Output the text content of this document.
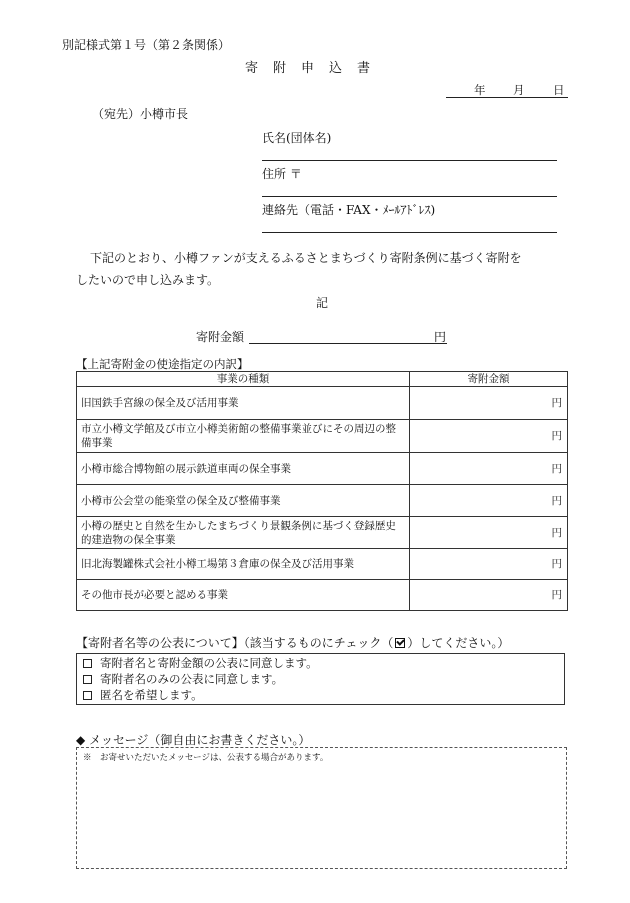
別記様式第１号（第２条関係）
寄　附　申　込　書
年 月 日
（宛先）小樽市長
氏名(団体名)
住所 〒
連絡先（電話・FAX・ﾒｰﾙｱﾄﾞﾚｽ)
下記のとおり、小樽ファンが支えるふるさとまちづくり寄附条例に基づく寄附を
したいので申し込みます。
記
寄附金額	円
【上記寄附金の使途指定の内訳】
事業の種類	寄附金額
旧国鉄手宮線の保全及び活用事業	円
市立小樽文学館及び市立小樽美術館の整備事業並びにその周辺の整備事業	円
小樽市総合博物館の展示鉄道車両の保全事業	円
小樽市公会堂の能楽堂の保全及び整備事業	円
小樽の歴史と自然を生かしたまちづくり景観条例に基づく登録歴史的建造物の保全事業	円
旧北海製罐株式会社小樽工場第３倉庫の保全及び活用事業	円
その他市長が必要と認める事業	円
【寄附者名等の公表について】（該当するものにチェック（ ）してください。）
寄附者名と寄附金額の公表に同意します。
寄附者名のみの公表に同意します。
匿名を希望します。
◆ メッセージ（御自由にお書きください。）
※　お寄せいただいたメッセージは、公表する場合があります。
